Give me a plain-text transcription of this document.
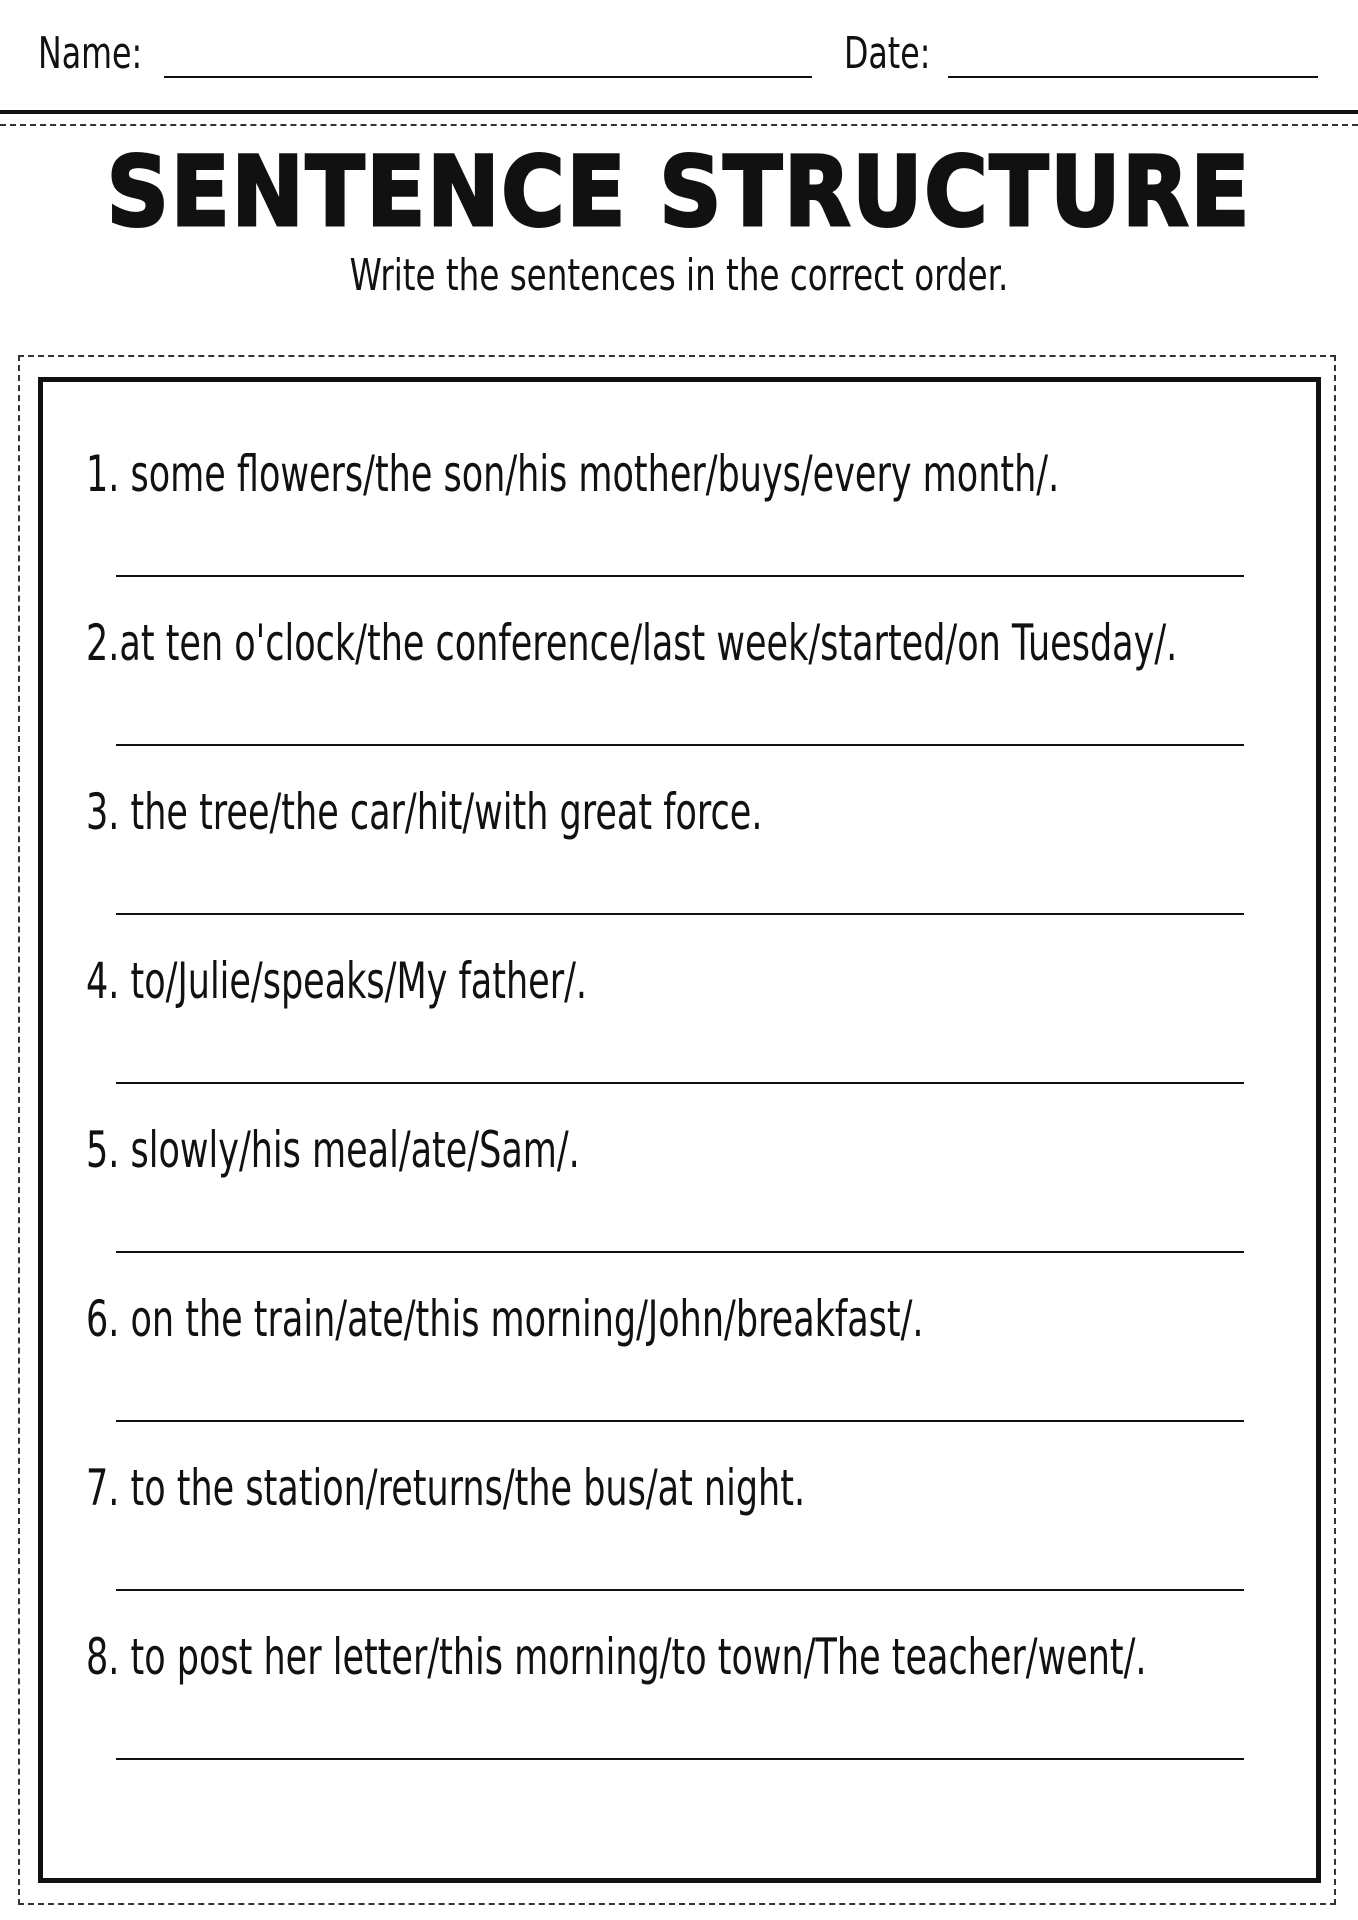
Name:	Date:
SENTENCE STRUCTURE
Write the sentences in the correct order.
1. some flowers/the son/his mother/buys/every month/.
2.at ten o'clock/the conference/last week/started/on Tuesday/.
3. the tree/the car/hit/with great force.
4. to/Julie/speaks/My father/.
5. slowly/his meal/ate/Sam/.
6. on the train/ate/this morning/John/breakfast/.
7. to the station/returns/the bus/at night.
8. to post her letter/this morning/to town/The teacher/went/.
